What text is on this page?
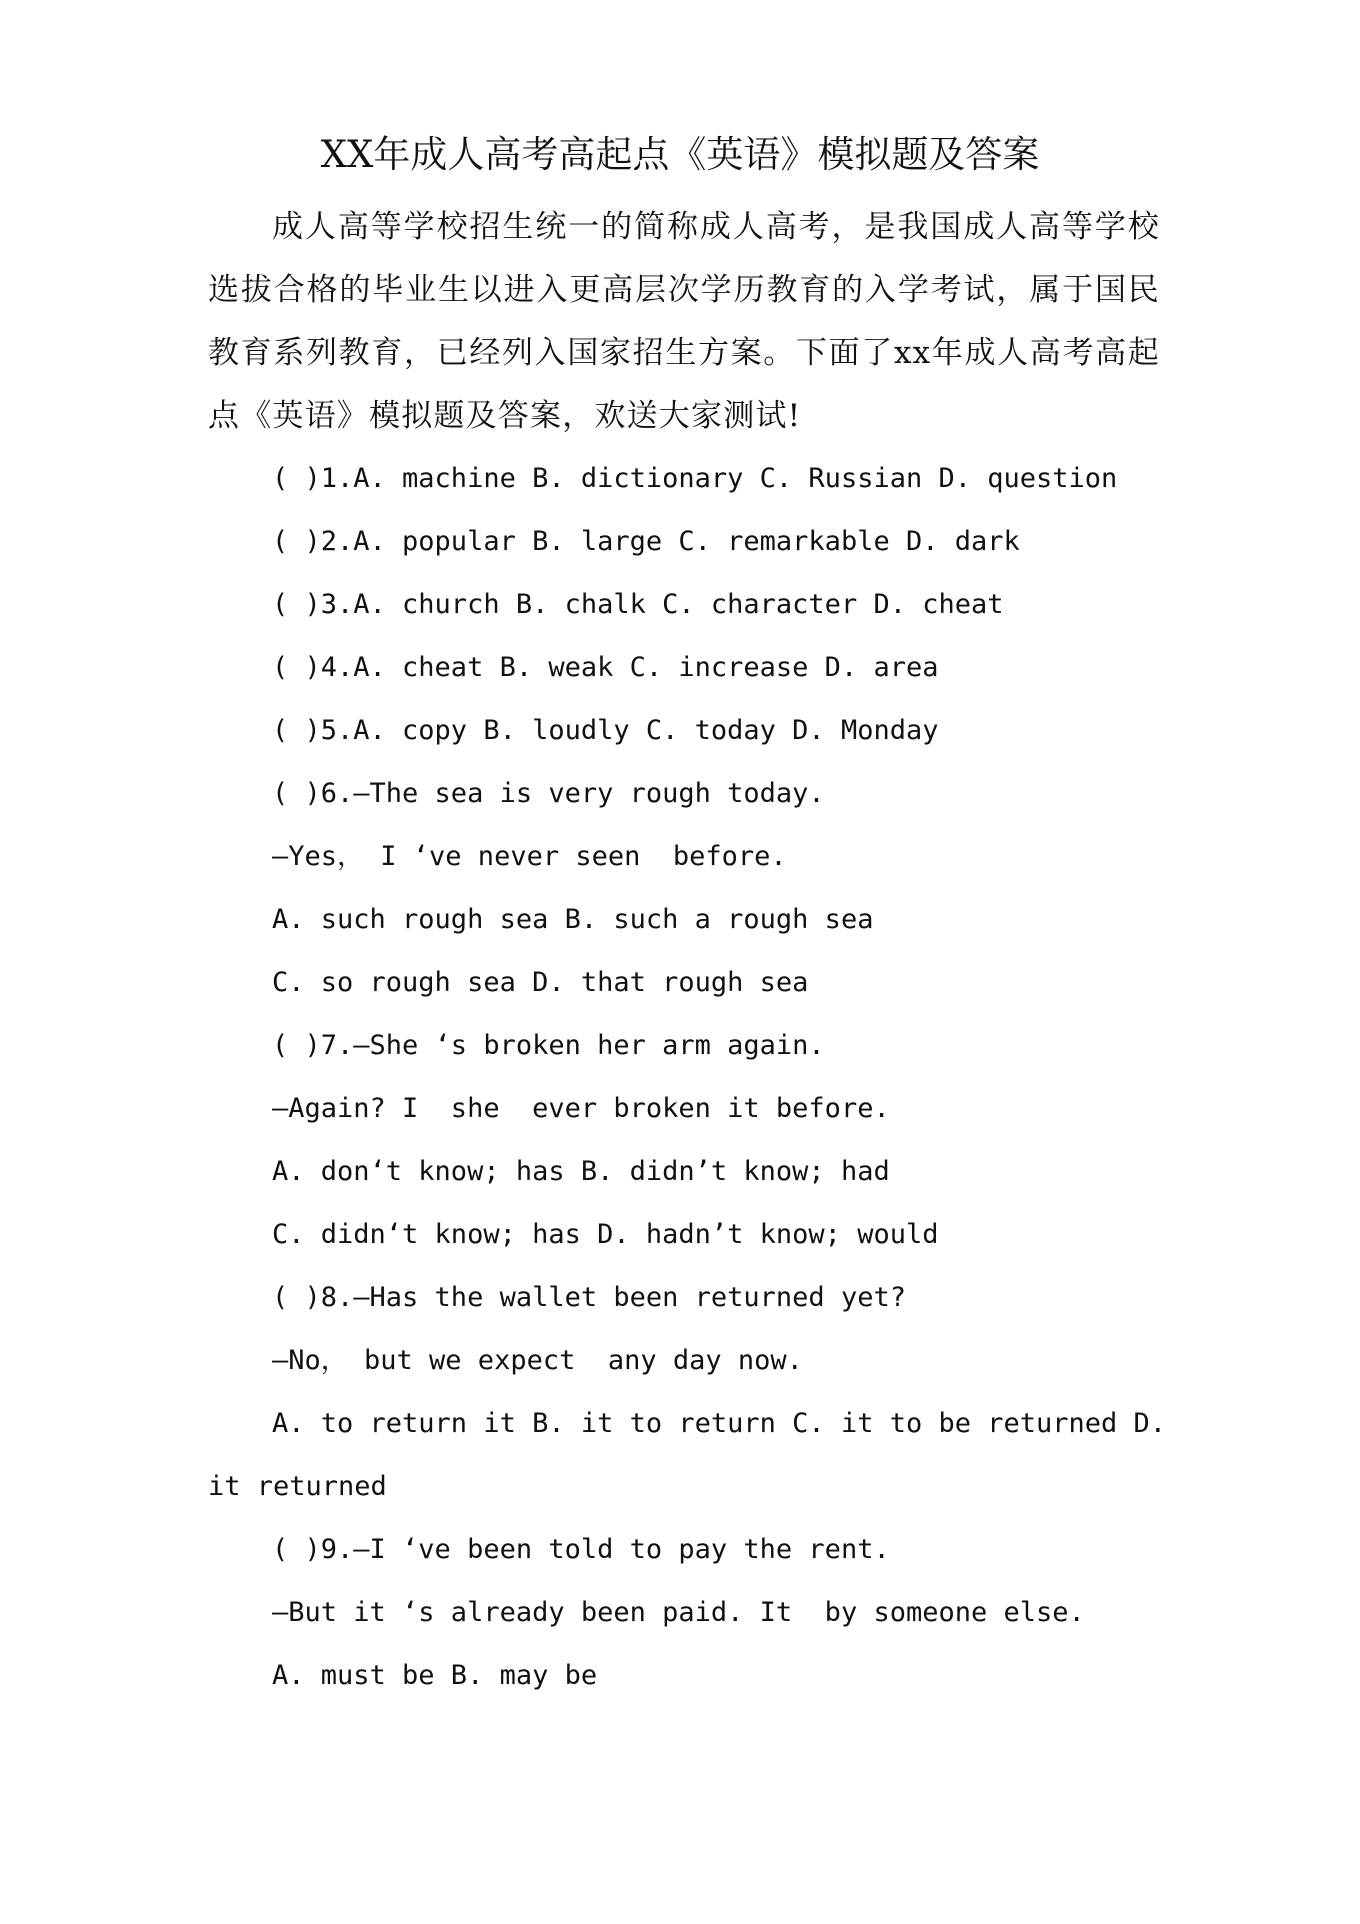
XX年成人高考高起点《英语》模拟题及答案

成人高等学校招生统一的简称成人高考，是我国成人高等学校选拔合格的毕业生以进入更高层次学历教育的入学考试，属于国民教育系列教育，已经列入国家招生方案。下面了xx年成人高考高起点《英语》模拟题及答案，欢送大家测试!

( )1.A. machine B. dictionary C. Russian D. question
( )2.A. popular B. large C. remarkable D. dark
( )3.A. church B. chalk C. character D. cheat
( )4.A. cheat B. weak C. increase D. area
( )5.A. copy B. loudly C. today D. Monday
( )6.—The sea is very rough today.
—Yes， I ‘ve never seen  before.
A. such rough sea B. such a rough sea
C. so rough sea D. that rough sea
( )7.—She ‘s broken her arm again.
—Again? I  she  ever broken it before.
A. don‘t know; has B. didn’t know; had
C. didn‘t know; has D. hadn’t know; would
( )8.—Has the wallet been returned yet?
—No， but we expect  any day now.
A. to return it B. it to return C. it to be returned D. it returned
( )9.—I ‘ve been told to pay the rent.
—But it ‘s already been paid. It  by someone else.
A. must be B. may be
